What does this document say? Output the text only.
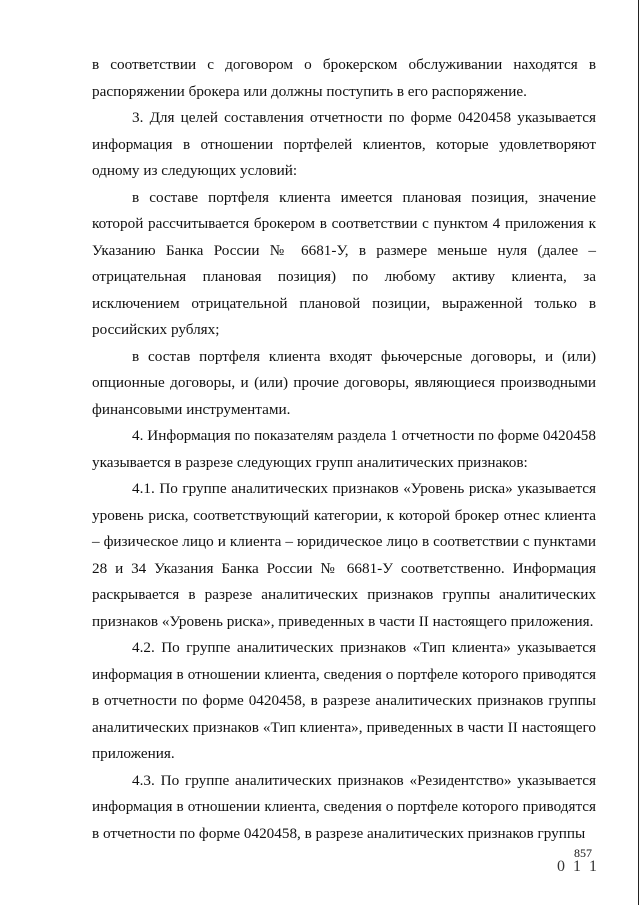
в соответствии с договором о брокерском обслуживании находятся в распоряжении брокера или должны поступить в его распоряжение.

3. Для целей составления отчетности по форме 0420458 указывается информация в отношении портфелей клиентов, которые удовлетворяют одному из следующих условий:

в составе портфеля клиента имеется плановая позиция, значение которой рассчитывается брокером в соответствии с пунктом 4 приложения к Указанию Банка России № 6681-У, в размере меньше нуля (далее – отрицательная плановая позиция) по любому активу клиента, за исключением отрицательной плановой позиции, выраженной только в российских рублях;

в состав портфеля клиента входят фьючерсные договоры, и (или) опционные договоры, и (или) прочие договоры, являющиеся производными финансовыми инструментами.

4. Информация по показателям раздела 1 отчетности по форме 0420458 указывается в разрезе следующих групп аналитических признаков:

4.1. По группе аналитических признаков «Уровень риска» указывается уровень риска, соответствующий категории, к которой брокер отнес клиента – физическое лицо и клиента – юридическое лицо в соответствии с пунктами 28 и 34 Указания Банка России № 6681-У соответственно. Информация раскрывается в разрезе аналитических признаков группы аналитических признаков «Уровень риска», приведенных в части II настоящего приложения.

4.2. По группе аналитических признаков «Тип клиента» указывается информация в отношении клиента, сведения о портфеле которого приводятся в отчетности по форме 0420458, в разрезе аналитических признаков группы аналитических признаков «Тип клиента», приведенных в части II настоящего приложения.

4.3. По группе аналитических признаков «Резидентство» указывается информация в отношении клиента, сведения о портфеле которого приводятся в отчетности по форме 0420458, в разрезе аналитических признаков группы

857
0 1 1
